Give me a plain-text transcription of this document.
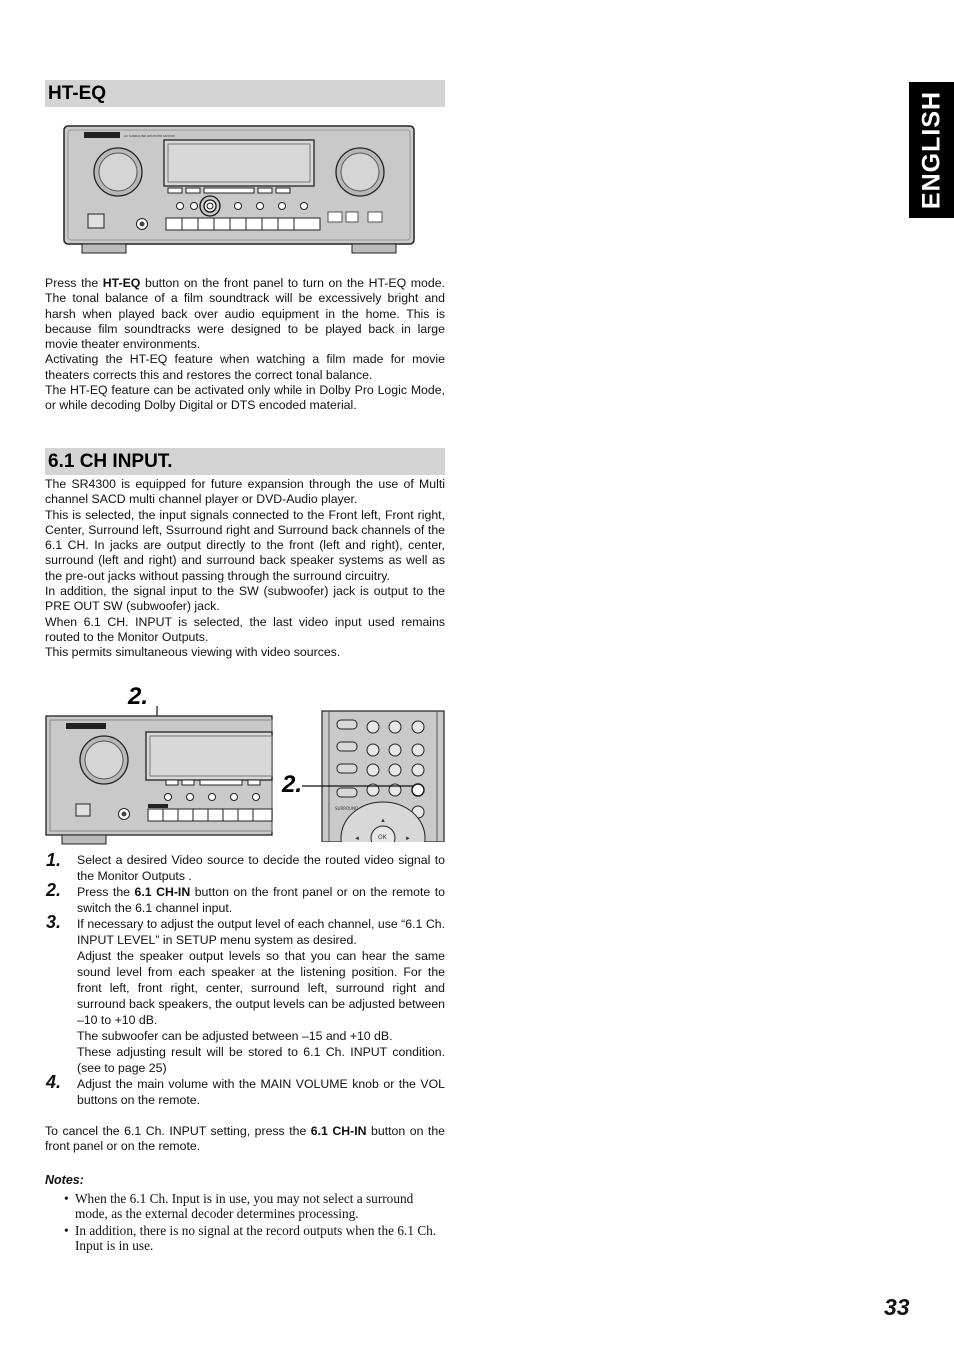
ENGLISH
HT-EQ
AV SURROUND RECEIVER SR4300

Press the HT-EQ button on the front panel to turn on the HT-EQ mode. The tonal balance of a film soundtrack will be excessively bright and harsh when played back over audio equipment in the home. This is because film soundtracks were designed to be played back in large movie theater environments.

Activating the HT-EQ feature when watching a film made for movie theaters corrects this and restores the correct tonal balance.

The HT-EQ feature can be activated only while in Dolby Pro Logic Mode, or while decoding Dolby Digital or DTS encoded material.

6.1 CH INPUT.

The SR4300 is equipped for future expansion through the use of Multi channel SACD multi channel player or DVD-Audio player.

This is selected, the input signals connected to the Front left, Front right, Center, Surround left, Ssurround right and Surround back channels of the 6.1 CH. In jacks are output directly to the front (left and right), center, surround (left and right) and surround back speaker systems as well as the pre-out jacks without passing through the surround circuitry.

In addition, the signal input to the SW (subwoofer) jack is output to the PRE OUT SW (subwoofer) jack.

When 6.1 CH. INPUT is selected, the last video input used remains routed to the Monitor Outputs.

This permits simultaneous viewing with video sources.

2.
SURROUND
OK
◄	►
▲
2.
1. Select a desired Video source to decide the routed video signal to the Monitor Outputs .

2. Press the 6.1 CH-IN button on the front panel or on the remote to switch the 6.1 channel input.

3. If necessary to adjust the output level of each channel, use “6.1 Ch. INPUT LEVEL” in SETUP menu system as desired.

Adjust the speaker output levels so that you can hear the same sound level from each speaker at the listening position. For the front left, front right, center, surround left, surround right and surround back speakers, the output levels can be adjusted between –10 to +10 dB.

The subwoofer can be adjusted between –15 and +10 dB.

These adjusting result will be stored to 6.1 Ch. INPUT condition. (see to page 25)

4. Adjust the main volume with the MAIN VOLUME knob or the VOL buttons on the remote.

To cancel the 6.1 Ch. INPUT setting, press the 6.1 CH-IN button on the front panel or on the remote.

Notes:
• When the 6.1 Ch. Input is in use, you may not select a surround mode, as the external decoder determines processing.
• In addition, there is no signal at the record outputs when the 6.1 Ch. Input is in use.
33
